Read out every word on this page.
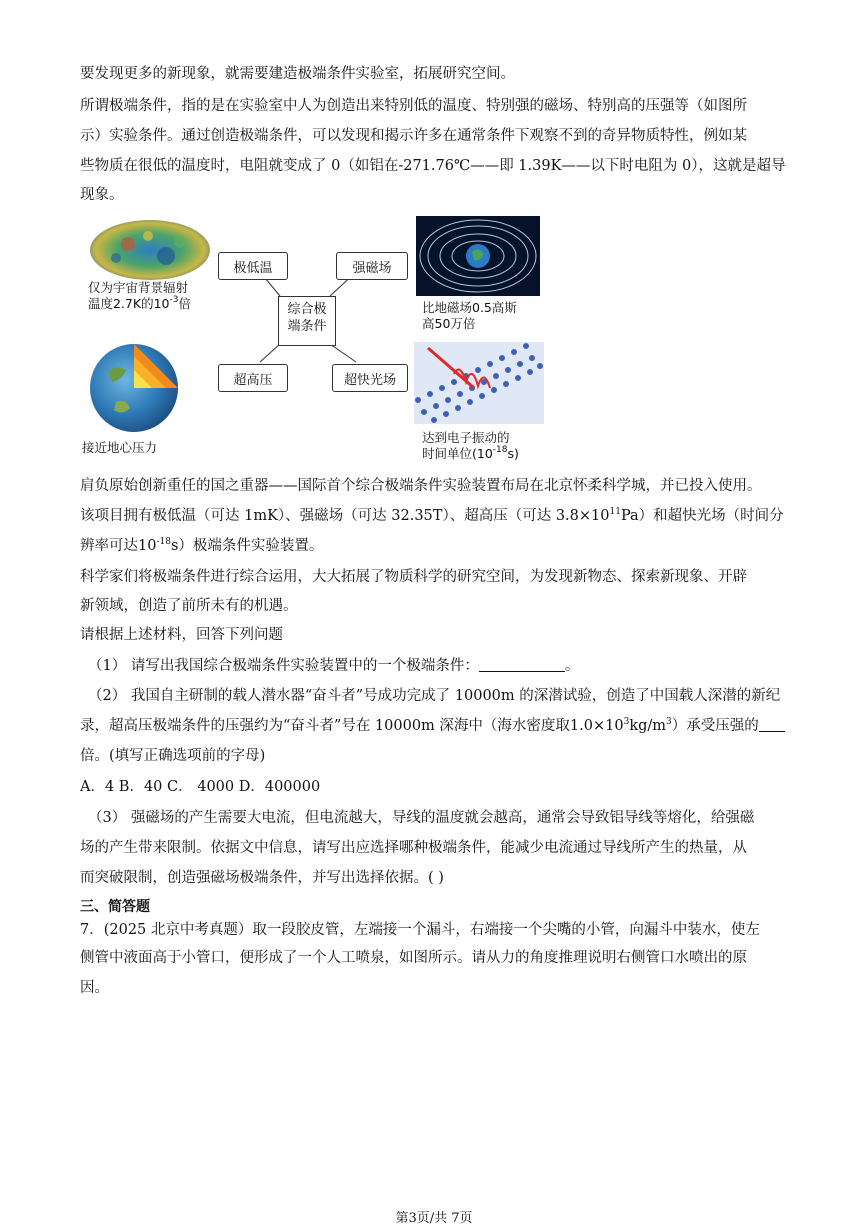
要发现更多的新现象，就需要建造极端条件实验室，拓展研究空间。
所谓极端条件，指的是在实验室中人为创造出来特别低的温度、特别强的磁场、特别高的压强等（如图所
示）实验条件。通过创造极端条件，可以发现和揭示许多在通常条件下观察不到的奇异物质特性，例如某
些物质在很低的温度时，电阻就变成了 0（如铝在-271.76℃——即 1.39K——以下时电阻为 0），这就是超导
现象。
仅为宇宙背景辐射
温度2.7K的$10^{-3}$倍
接近地心压力
极低温	强磁场
综合极
端条件
超高压	超快光场
比地磁场0.5高斯
高50万倍
达到电子振动的
时间单位$(10^{-18}s)$
肩负原始创新重任的国之重器——国际首个综合极端条件实验装置布局在北京怀柔科学城，并已投入使用。
该项目拥有极低温（可达 1mK）、强磁场（可达 32.35T）、超高压（可达 $3.8\times 10^{11}Pa$）和超快光场（时间分
辨率可达$10^{-18}s$）极端条件实验装置。
科学家们将极端条件进行综合运用，大大拓展了物质科学的研究空间，为发现新物态、探索新现象、开辟
新领域，创造了前所未有的机遇。
请根据上述材料，回答下列问题
（1） 请写出我国综合极端条件实验装置中的一个极端条件：	。
（2） 我国自主研制的载人潜水器“奋斗者”号成功完成了 10000m 的深潜试验，创造了中国载人深潜的新纪
录，超高压极端条件的压强约为“奋斗者”号在 10000m 深海中（海水密度取$1.0\times 10^3kg/m^3$）承受压强的
倍。(填写正确选项前的字母)
A．4 B．40 C． 4000 D．400000
（3） 强磁场的产生需要大电流，但电流越大，导线的温度就会越高，通常会导致铝导线等熔化，给强磁
场的产生带来限制。依据文中信息，请写出应选择哪种极端条件，能减少电流通过导线所产生的热量，从
而突破限制，创造强磁场极端条件，并写出选择依据。( )
三、简答题
7．(2025 北京中考真题）取一段胶皮管，左端接一个漏斗，右端接一个尖嘴的小管，向漏斗中装水，使左
侧管中液面高于小管口，便形成了一个人工喷泉，如图所示。请从力的角度推理说明右侧管口水喷出的原
因。
第3页/共 7页
